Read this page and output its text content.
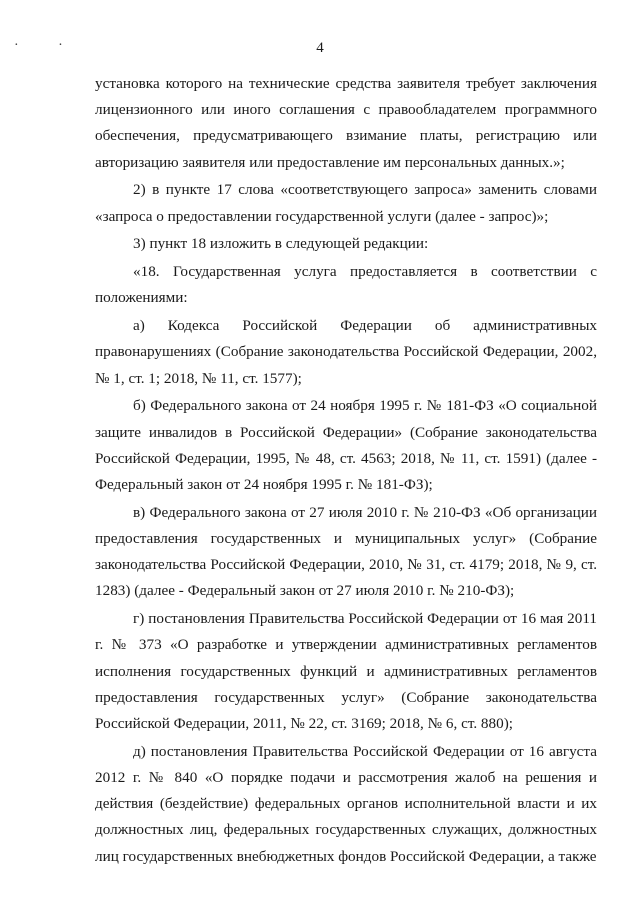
· ·	4

установка которого на технические средства заявителя требует заключения лицензионного или иного соглашения с правообладателем программного обеспечения, предусматривающего взимание платы, регистрацию или авторизацию заявителя или предоставление им персональных данных.»;

2) в пункте 17 слова «соответствующего запроса» заменить словами «запроса о предоставлении государственной услуги (далее - запрос)»;

3) пункт 18 изложить в следующей редакции:

«18. Государственная услуга предоставляется в соответствии с положениями:

а) Кодекса Российской Федерации об административных правонарушениях (Собрание законодательства Российской Федерации, 2002, № 1, ст. 1; 2018, № 11, ст. 1577);

б) Федерального закона от 24 ноября 1995 г. № 181-ФЗ «О социальной защите инвалидов в Российской Федерации» (Собрание законодательства Российской Федерации, 1995, № 48, ст. 4563; 2018, № 11, ст. 1591) (далее - Федеральный закон от 24 ноября 1995 г. № 181-ФЗ);

в) Федерального закона от 27 июля 2010 г. № 210-ФЗ «Об организации предоставления государственных и муниципальных услуг» (Собрание законодательства Российской Федерации, 2010, № 31, ст. 4179; 2018, № 9, ст. 1283) (далее - Федеральный закон от 27 июля 2010 г. № 210-ФЗ);

г) постановления Правительства Российской Федерации от 16 мая 2011 г. № 373 «О разработке и утверждении административных регламентов исполнения государственных функций и административных регламентов предоставления государственных услуг» (Собрание законодательства Российской Федерации, 2011, № 22, ст. 3169; 2018, № 6, ст. 880);

д) постановления Правительства Российской Федерации от 16 августа 2012 г. № 840 «О порядке подачи и рассмотрения жалоб на решения и действия (бездействие) федеральных органов исполнительной власти и их должностных лиц, федеральных государственных служащих, должностных лиц государственных внебюджетных фондов Российской Федерации, а также
